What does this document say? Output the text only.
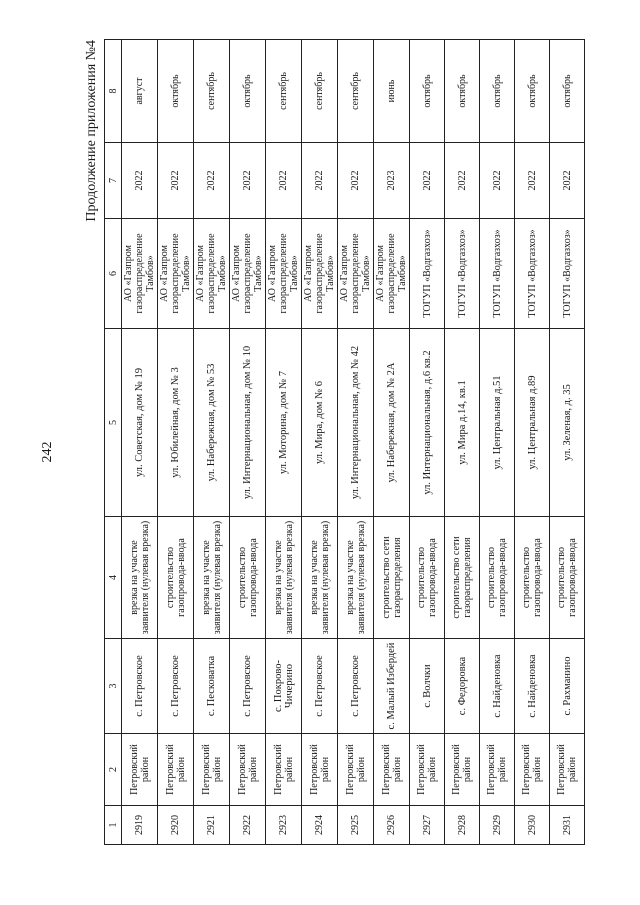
242
Продолжение приложения №4
1	2	3	4	5	6	7	8
2919	Петровский район	с. Петровское	врезка на участке заявителя (нулевая врезка)	ул. Советская, дом № 19	АО «Газпром газораспределение Тамбов»	2022	август
2920	Петровский район	с. Петровское	строительство газопровода-ввода	ул. Юбилейная, дом № 3	АО «Газпром газораспределение Тамбов»	2022	октябрь
2921	Петровский район	с. Песковатка	врезка на участке заявителя (нулевая врезка)	ул. Набережная, дом № 53	АО «Газпром газораспределение Тамбов»	2022	сентябрь
2922	Петровский район	с. Петровское	строительство газопровода-ввода	ул. Интернациональная, дом № 10	АО «Газпром газораспределение Тамбов»	2022	октябрь
2923	Петровский район	с. Покрово-Чичерино	врезка на участке заявителя (нулевая врезка)	ул. Моторина, дом № 7	АО «Газпром газораспределение Тамбов»	2022	сентябрь
2924	Петровский район	с. Петровское	врезка на участке заявителя (нулевая врезка)	ул. Мира, дом № 6	АО «Газпром газораспределение Тамбов»	2022	сентябрь
2925	Петровский район	с. Петровское	врезка на участке заявителя (нулевая врезка)	ул. Интернациональная, дом № 42	АО «Газпром газораспределение Тамбов»	2022	сентябрь
2926	Петровский район	с. Малый Избердей	строительство сети газораспределения	ул. Набережная, дом № 2А	АО «Газпром газораспределение Тамбов»	2023	июнь
2927	Петровский район	с. Волчки	строительство газопровода-ввода	ул. Интернациональная, д.6 кв.2	ТОГУП «Водгазхоз»	2022	октябрь
2928	Петровский район	с. Федоровка	строительство сети газораспределения	ул. Мира д.14, кв.1	ТОГУП «Водгазхоз»	2022	октябрь
2929	Петровский район	с. Найденовка	строительство газопровода-ввода	ул. Центральная д.51	ТОГУП «Водгазхоз»	2022	октябрь
2930	Петровский район	с. Найденовка	строительство газопровода-ввода	ул. Центральная д.89	ТОГУП «Водгазхоз»	2022	октябрь
2931	Петровский район	с. Рахманино	строительство газопровода-ввода	ул. Зеленая, д. 35	ТОГУП «Водгазхоз»	2022	октябрь
